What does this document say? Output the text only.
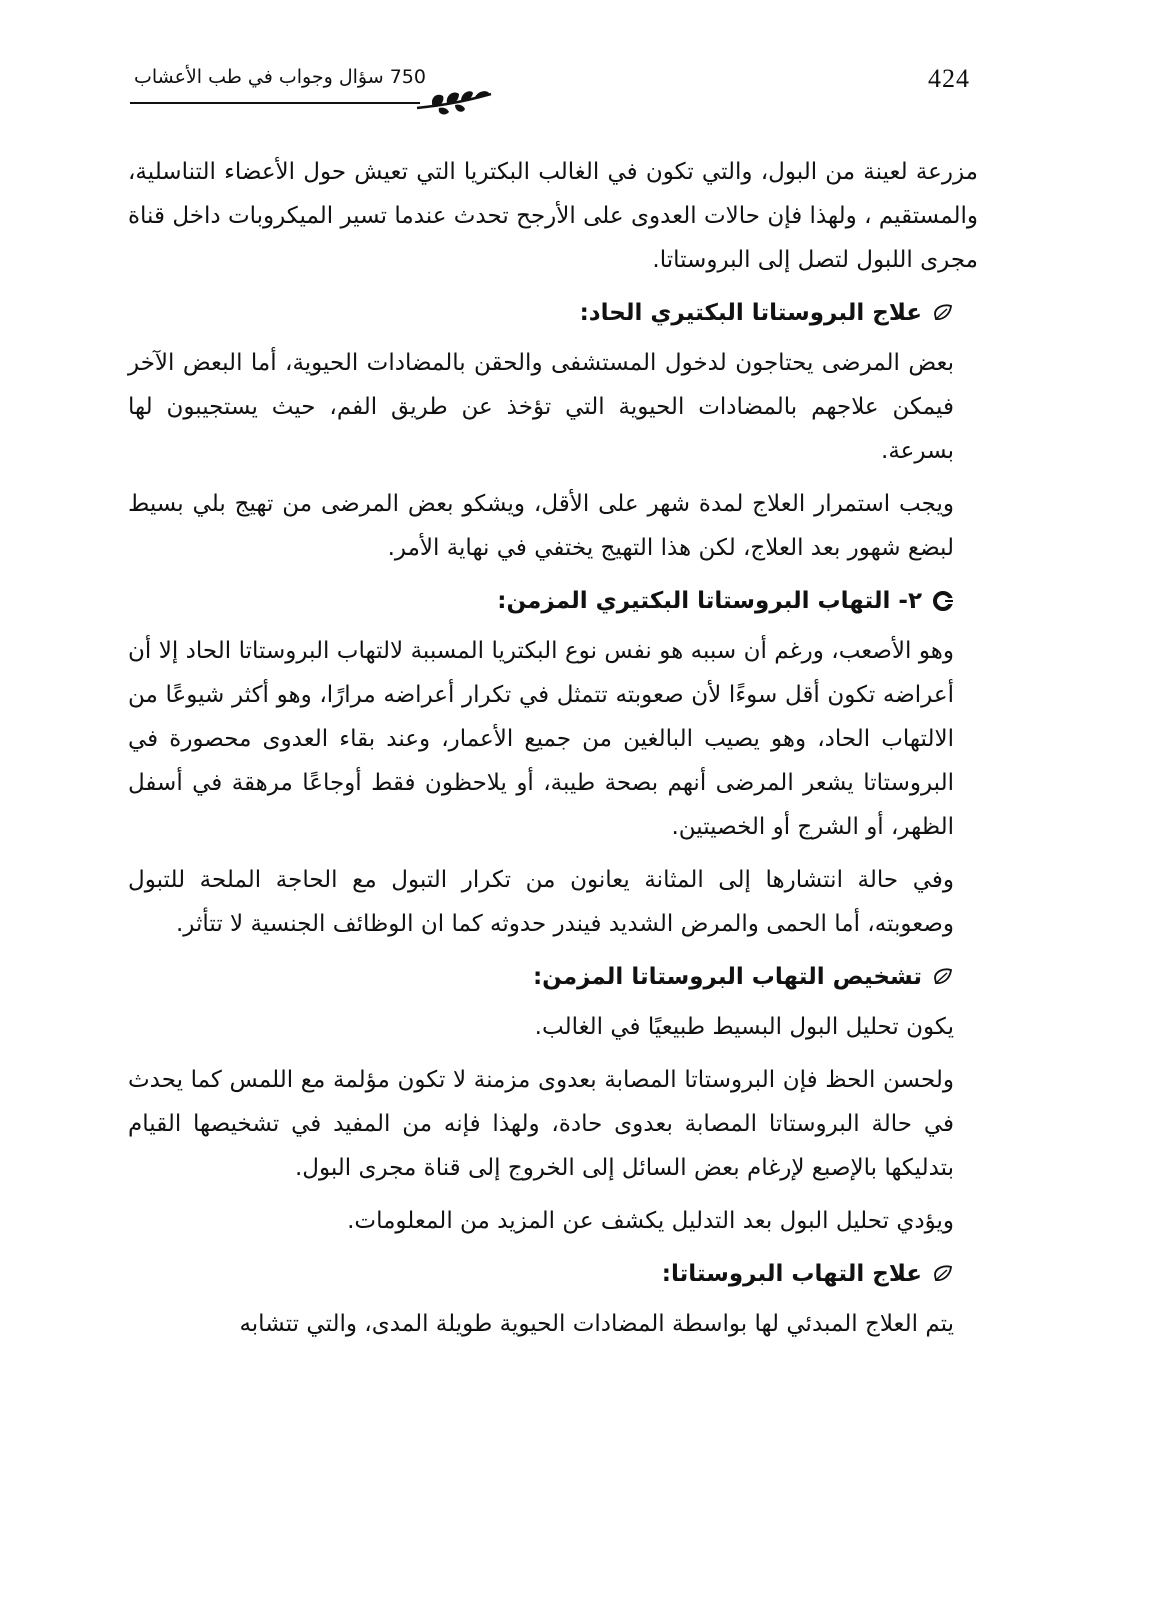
750 سؤال وجواب في طب الأعشاب	424

مزرعة لعينة من البول، والتي تكون في الغالب البكتريا التي تعيش حول الأعضاء التناسلية، والمستقيم ، ولهذا فإن حالات العدوى على الأرجح تحدث عندما تسير الميكروبات داخل قناة مجرى اللبول لتصل إلى البروستاتا.

علاج البروستاتا البكتيري الحاد:

بعض المرضى يحتاجون لدخول المستشفى والحقن بالمضادات الحيوية، أما البعض الآخر فيمكن علاجهم بالمضادات الحيوية التي تؤخذ عن طريق الفم، حيث يستجيبون لها بسرعة.

ويجب استمرار العلاج لمدة شهر على الأقل، ويشكو بعض المرضى من تهيج بلي بسيط لبضع شهور بعد العلاج، لكن هذا التهيج يختفي في نهاية الأمر.

٢- التهاب البروستاتا البكتيري المزمن:

وهو الأصعب، ورغم أن سببه هو نفس نوع البكتريا المسببة لالتهاب البروستاتا الحاد إلا أن أعراضه تكون أقل سوءًا لأن صعوبته تتمثل في تكرار أعراضه مرارًا، وهو أكثر شيوعًا من الالتهاب الحاد، وهو يصيب البالغين من جميع الأعمار، وعند بقاء العدوى محصورة في البروستاتا يشعر المرضى أنهم بصحة طيبة، أو يلاحظون فقط أوجاعًا مرهقة في أسفل الظهر، أو الشرج أو الخصيتين.

وفي حالة انتشارها إلى المثانة يعانون من تكرار التبول مع الحاجة الملحة للتبول وصعوبته، أما الحمى والمرض الشديد فيندر حدوثه كما ان الوظائف الجنسية لا تتأثر.

تشخيص التهاب البروستاتا المزمن:

يكون تحليل البول البسيط طبيعيًا في الغالب.

ولحسن الحظ فإن البروستاتا المصابة بعدوى مزمنة لا تكون مؤلمة مع اللمس كما يحدث في حالة البروستاتا المصابة بعدوى حادة، ولهذا فإنه من المفيد في تشخيصها القيام بتدليكها بالإصبع لإرغام بعض السائل إلى الخروج إلى قناة مجرى البول.

ويؤدي تحليل البول بعد التدليل يكشف عن المزيد من المعلومات.

علاج التهاب البروستاتا:

يتم العلاج المبدئي لها بواسطة المضادات الحيوية طويلة المدى، والتي تتشابه
